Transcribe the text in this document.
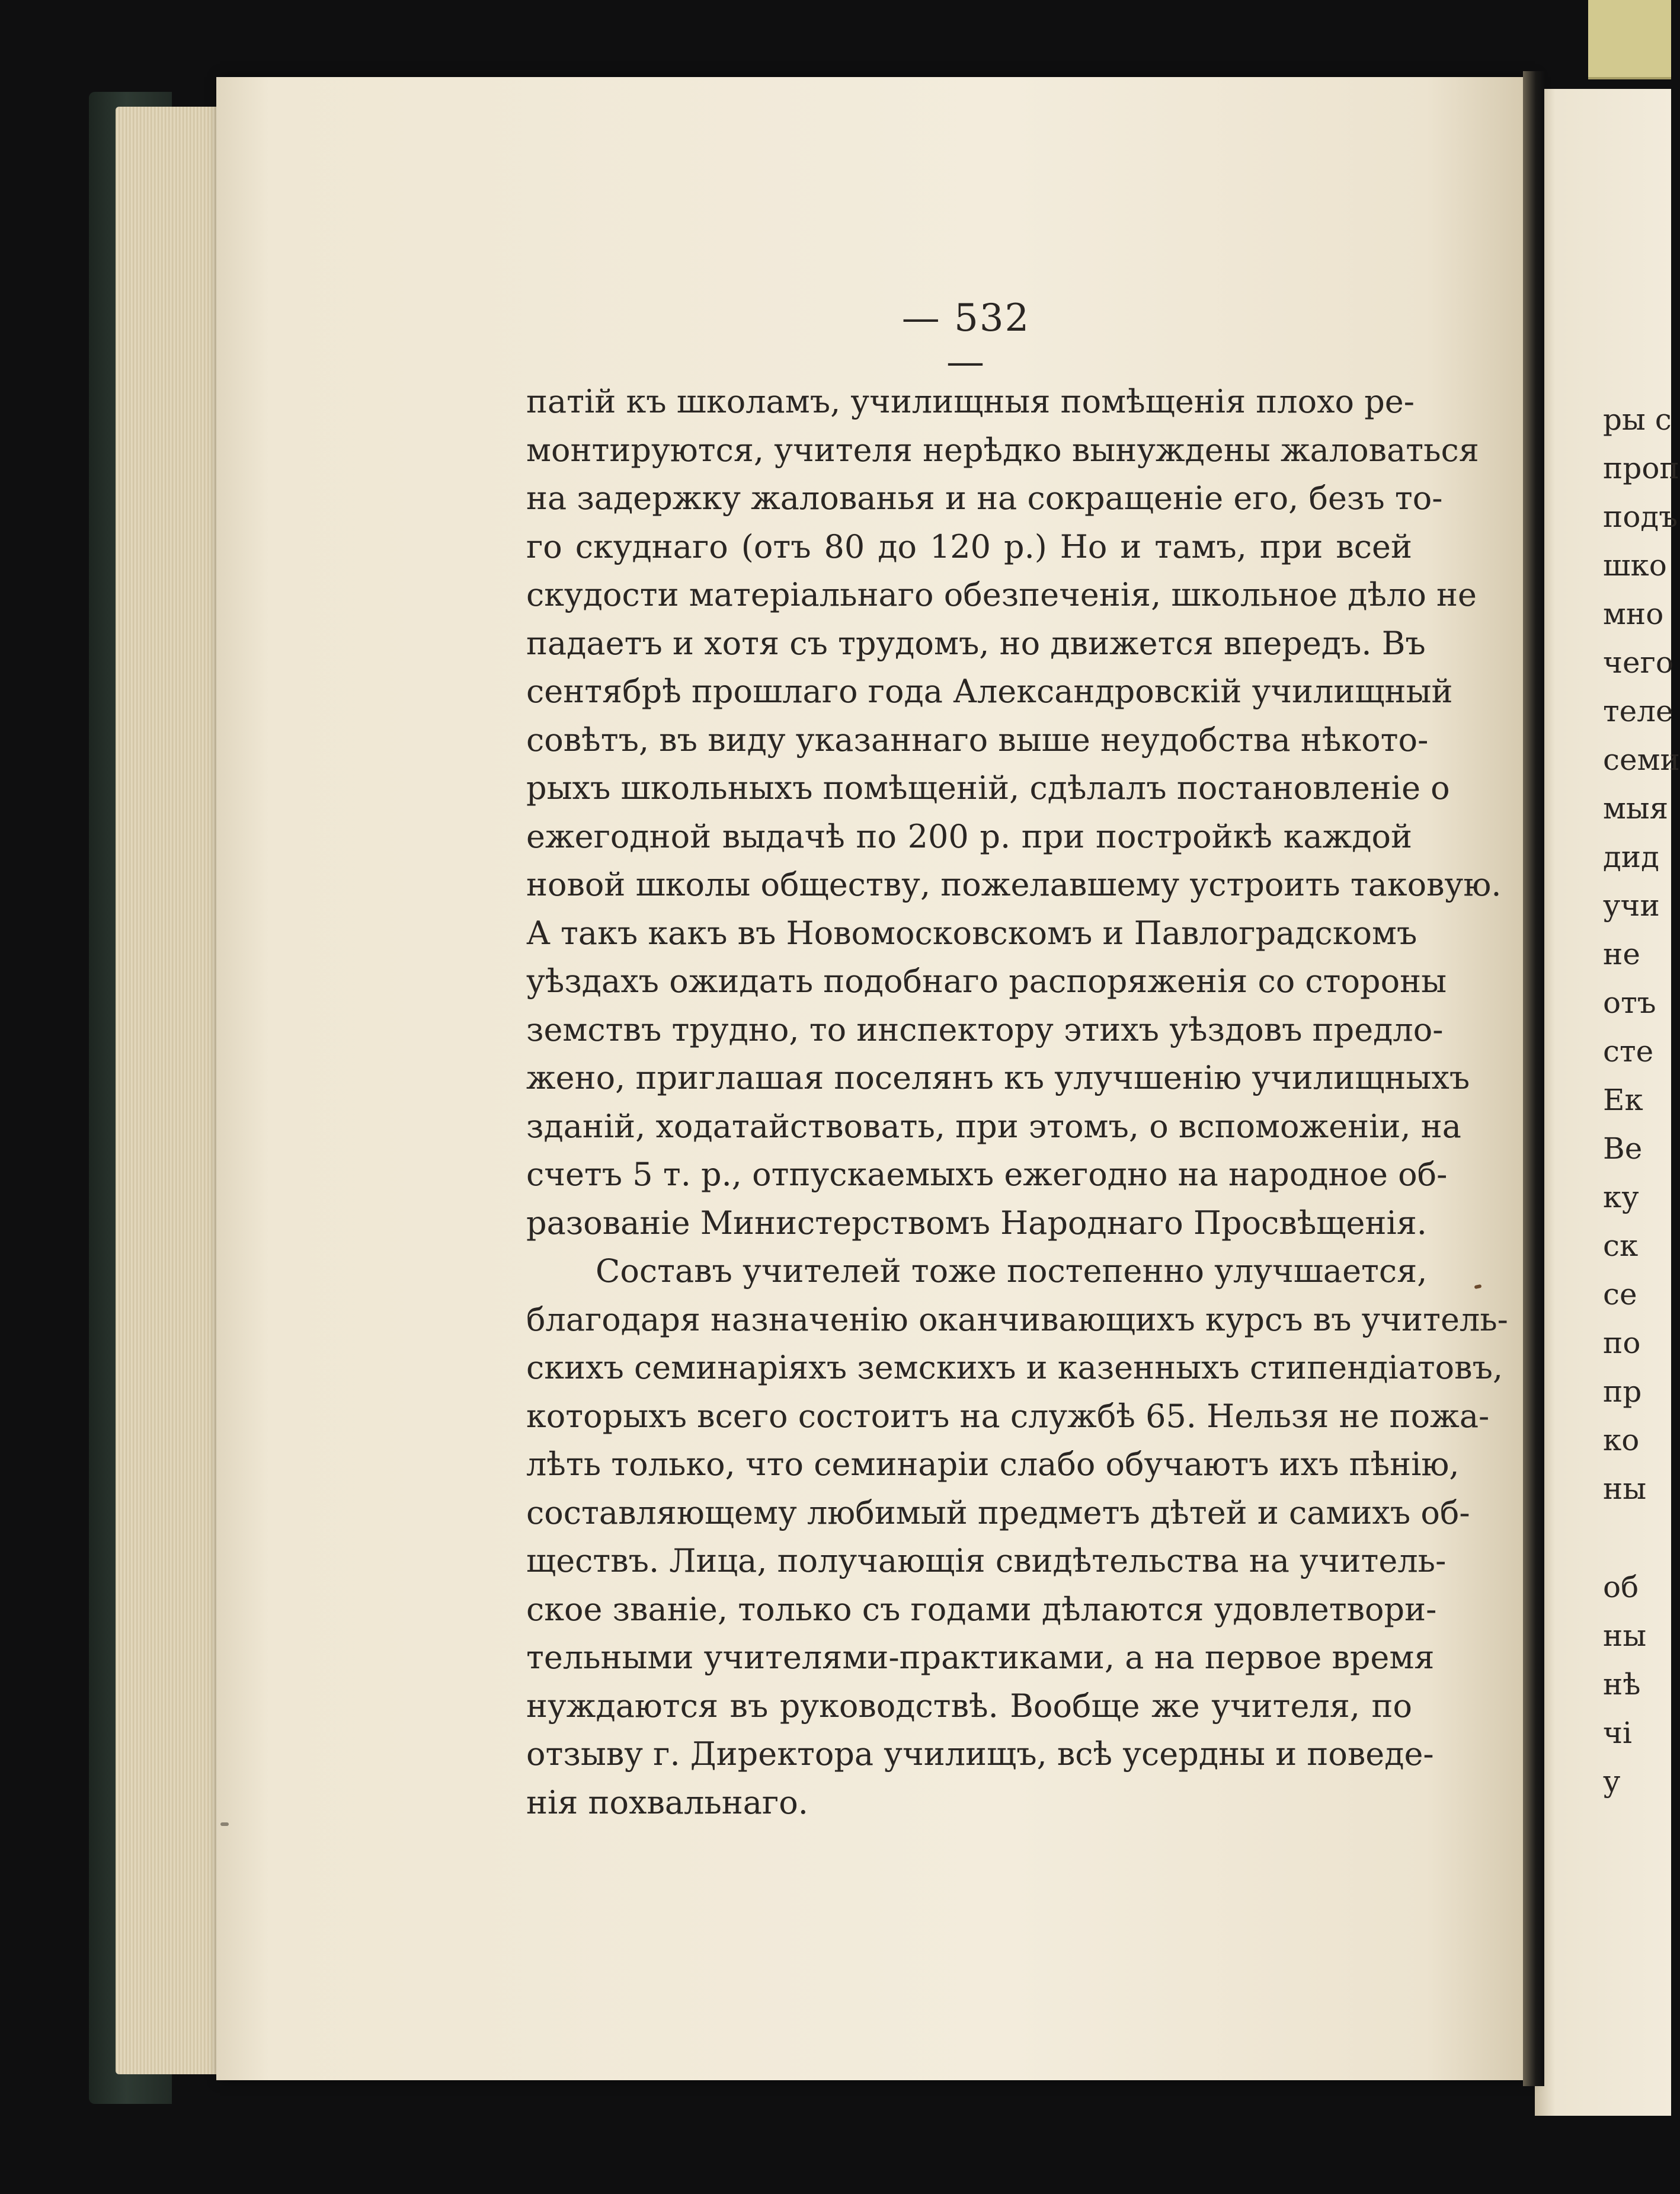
— 532 —
патій къ школамъ, училищныя помѣщенія плохо ре-
монтируются, учителя нерѣдко вынуждены жаловаться
на задержку жалованья и на сокращеніе его, безъ то-
го скуднаго (отъ 80 до 120 р.) Но и тамъ, при всей
скудости матеріальнаго обезпеченія, школьное дѣло не
падаетъ и хотя съ трудомъ, но движется впередъ. Въ
сентябрѣ прошлаго года Александровскій училищный
совѣтъ, въ виду указаннаго выше неудобства нѣкото-
рыхъ школьныхъ помѣщеній, сдѣлалъ постановленіе о
ежегодной выдачѣ по 200 р. при постройкѣ каждой
новой школы обществу, пожелавшему устроить таковую.
А такъ какъ въ Новомосковскомъ и Павлоградскомъ
уѣздахъ ожидать подобнаго распоряженія со стороны
земствъ трудно, то инспектору этихъ уѣздовъ предло-
жено, приглашая поселянъ къ улучшенію училищныхъ
зданій, ходатайствовать, при этомъ, о вспоможеніи, на
счетъ 5 т. р., отпускаемыхъ ежегодно на народное об-
разованіе Министерствомъ Народнаго Просвѣщенія.
Составъ учителей тоже постепенно улучшается,
благодаря назначенію оканчивающихъ курсъ въ учитель-
скихъ семинаріяхъ земскихъ и казенныхъ стипендіатовъ,
которыхъ всего состоитъ на службѣ 65. Нельзя не пожа-
лѣть только, что семинаріи слабо обучаютъ ихъ пѣнію,
составляющему любимый предметъ дѣтей и самихъ об-
ществъ. Лица, получающія свидѣтельства на учитель-
ское званіе, только съ годами дѣлаются удовлетвори-
тельными учителями-практиками, а на первое время
нуждаются въ руководствѣ. Вообще же учителя, по
отзыву г. Директора училищъ, всѣ усердны и поведе-
нія похвальнаго.
ры с
проп
подъ
шко
мно
чего
теле
семи
мыя
дид
учи
не
отъ
сте
Ек
Ве
ку
ск
се
по
пр
ко
ны
об
ны
нѣ
чі
у
